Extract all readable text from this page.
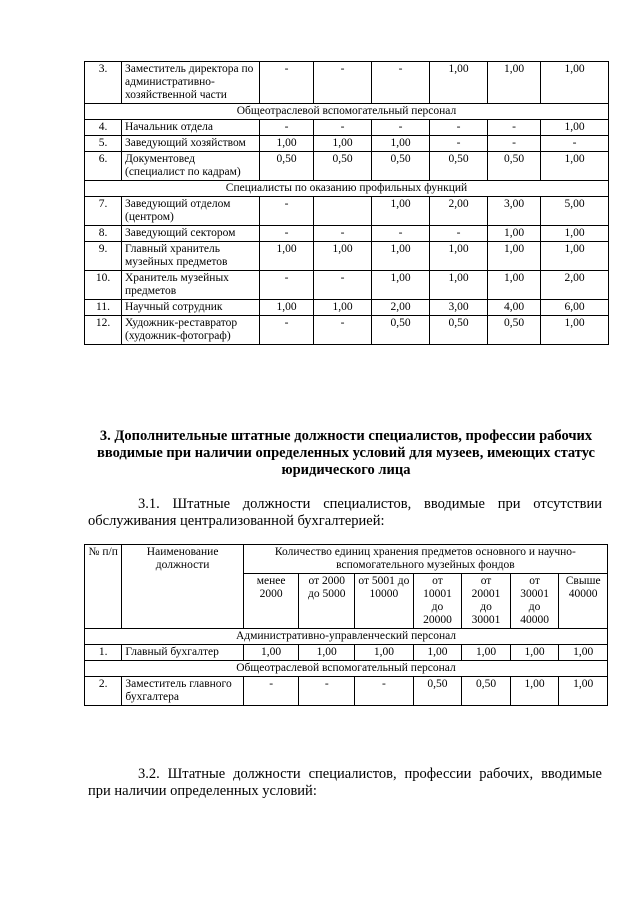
3.	Заместитель директора по административно-хозяйственной части	-	-	-	1,00	1,00	1,00
Общеотраслевой вспомогательный персонал							
4.	Начальник отдела	-	-	-	-	-	1,00
5.	Заведующий хозяйством	1,00	1,00	1,00	-	-	-
6.	Документовед (специалист по кадрам)	0,50	0,50	0,50	0,50	0,50	1,00
Специалисты по оказанию профильных функций							
7.	Заведующий отделом (центром)	-		1,00	2,00	3,00	5,00
8.	Заведующий сектором	-	-	-	-	1,00	1,00
9.	Главный хранитель музейных предметов	1,00	1,00	1,00	1,00	1,00	1,00
10.	Хранитель музейных предметов	-	-	1,00	1,00	1,00	2,00
11.	Научный сотрудник	1,00	1,00	2,00	3,00	4,00	6,00
12.	Художник-реставратор (художник-фотограф)	-	-	0,50	0,50	0,50	1,00
3. Дополнительные штатные должности специалистов, профессии рабочих вводимые при наличии определенных условий для музеев, имеющих статус юридического лица
3.1. Штатные должности специалистов, вводимые при отсутствии обслуживания централизованной бухгалтерией:
№ п/п	Наименование должности	Количество единиц хранения предметов основного и научно-вспомогательного музейных фондов						
		менее 2000	от 2000 до 5000	от 5001 до 10000	от 10001 до 20000	от 20001 до 30001	от 30001 до 40000	Свыше 40000
Административно-управленческий персонал								
1.	Главный бухгалтер	1,00	1,00	1,00	1,00	1,00	1,00	1,00
Общеотраслевой вспомогательный персонал								
2.	Заместитель главного бухгалтера	-	-	-	0,50	0,50	1,00	1,00
3.2. Штатные должности специалистов, профессии рабочих, вводимые при наличии определенных условий:
